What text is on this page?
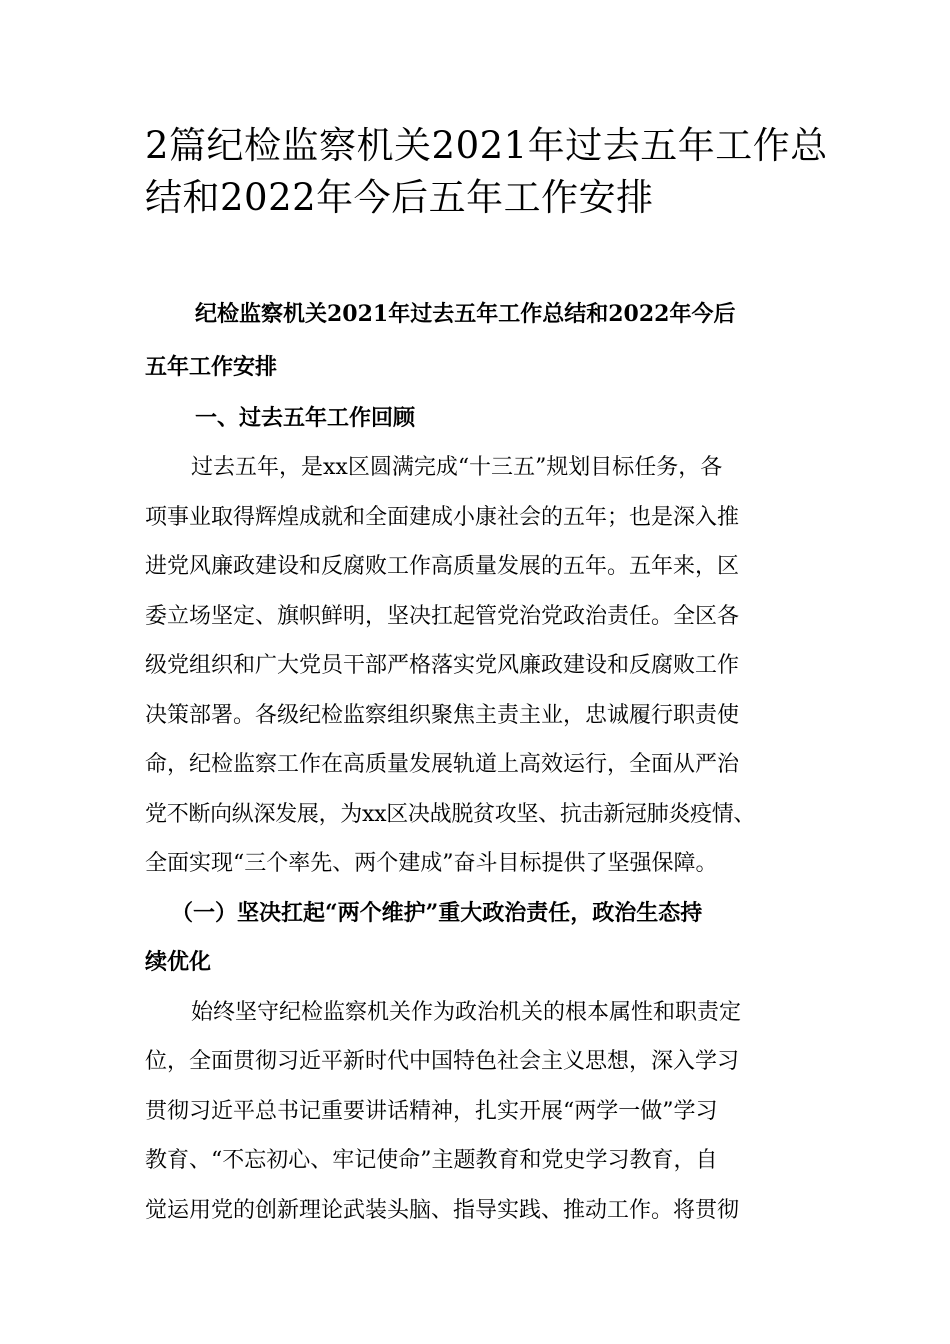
2篇纪检监察机关2021年过去五年工作总
结和2022年今后五年工作安排
纪检监察机关2021年过去五年工作总结和2022年今后
五年工作安排
一、过去五年工作回顾
过去五年，是xx区圆满完成“十三五”规划目标任务，各
项事业取得辉煌成就和全面建成小康社会的五年；也是深入推
进党风廉政建设和反腐败工作高质量发展的五年。五年来，区
委立场坚定、旗帜鲜明，坚决扛起管党治党政治责任。全区各
级党组织和广大党员干部严格落实党风廉政建设和反腐败工作
决策部署。各级纪检监察组织聚焦主责主业，忠诚履行职责使
命，纪检监察工作在高质量发展轨道上高效运行，全面从严治
党不断向纵深发展，为xx区决战脱贫攻坚、抗击新冠肺炎疫情、
全面实现“三个率先、两个建成”奋斗目标提供了坚强保障。
（一）坚决扛起“两个维护”重大政治责任，政治生态持
续优化
始终坚守纪检监察机关作为政治机关的根本属性和职责定
位，全面贯彻习近平新时代中国特色社会主义思想，深入学习
贯彻习近平总书记重要讲话精神，扎实开展“两学一做”学习
教育、“不忘初心、牢记使命”主题教育和党史学习教育，自
觉运用党的创新理论武装头脑、指导实践、推动工作。将贯彻
